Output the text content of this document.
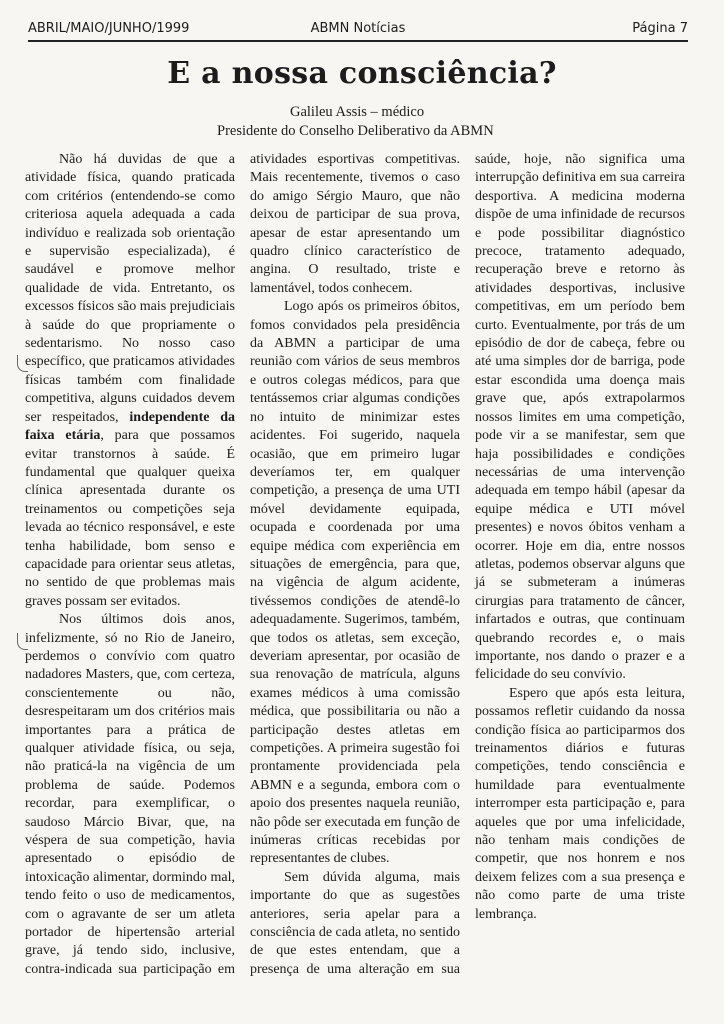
ABRIL/MAIO/JUNHO/1999	ABMN Notícias	Página 7
E a nossa consciência?
Galileu Assis – médico
Presidente do Conselho Deliberativo da ABMN

Não há duvidas de que a atividade física, quando praticada com critérios (entendendo-se como criteriosa aquela adequada a cada indivíduo e realizada sob orientação e supervisão especializada), é saudável e promove melhor qualidade de vida. Entretanto, os excessos físicos são mais prejudiciais à saúde do que propriamente o sedentarismo. No nosso caso específico, que praticamos atividades físicas também com finalidade competitiva, alguns cuidados devem ser respeitados, independente da faixa etária, para que possamos evitar transtornos à saúde. É fundamental que qualquer queixa clínica apresentada durante os treinamentos ou competições seja levada ao técnico responsável, e este tenha habilidade, bom senso e capacidade para orientar seus atletas, no sentido de que problemas mais graves possam ser evitados.

Nos últimos dois anos, infelizmente, só no Rio de Janeiro, perdemos o convívio com quatro nadadores Masters, que, com certeza, conscientemente ou não, desrespeitaram um dos critérios mais importantes para a prática de qualquer atividade física, ou seja, não praticá-la na vigência de um problema de saúde. Podemos recordar, para exemplificar, o saudoso Márcio Bivar, que, na véspera de sua competição, havia apresentado o episódio de intoxicação alimentar, dormindo mal, tendo feito o uso de medicamentos, com o agravante de ser um atleta portador de hipertensão arterial grave, já tendo sido, inclusive, contra-indicada sua participação em

atividades esportivas competitivas. Mais recentemente, tivemos o caso do amigo Sérgio Mauro, que não deixou de participar de sua prova, apesar de estar apresentando um quadro clínico característico de angina. O resultado, triste e lamentável, todos conhecem.

Logo após os primeiros óbitos, fomos convidados pela presidência da ABMN a participar de uma reunião com vários de seus membros e outros colegas médicos, para que tentássemos criar algumas condições no intuito de minimizar estes acidentes. Foi sugerido, naquela ocasião, que em primeiro lugar deveríamos ter, em qualquer competição, a presença de uma UTI móvel devidamente equipada, ocupada e coordenada por uma equipe médica com experiência em situações de emergência, para que, na vigência de algum acidente, tivéssemos condições de atendê-lo adequadamente. Sugerimos, também, que todos os atletas, sem exceção, deveriam apresentar, por ocasião de sua renovação de matrícula, alguns exames médicos à uma comissão médica, que possibilitaria ou não a participação destes atletas em competições. A primeira sugestão foi prontamente providenciada pela ABMN e a segunda, embora com o apoio dos presentes naquela reunião, não pôde ser executada em função de inúmeras críticas recebidas por representantes de clubes.

Sem dúvida alguma, mais importante do que as sugestões anteriores, seria apelar para a consciência de cada atleta, no sentido de que estes entendam, que a presença de uma alteração em sua

saúde, hoje, não significa uma interrupção definitiva em sua carreira desportiva. A medicina moderna dispõe de uma infinidade de recursos e pode possibilitar diagnóstico precoce, tratamento adequado, recuperação breve e retorno às atividades desportivas, inclusive competitivas, em um período bem curto. Eventualmente, por trás de um episódio de dor de cabeça, febre ou até uma simples dor de barriga, pode estar escondida uma doença mais grave que, após extrapolarmos nossos limites em uma competição, pode vir a se manifestar, sem que haja possibilidades e condições necessárias de uma intervenção adequada em tempo hábil (apesar da equipe médica e UTI móvel presentes) e novos óbitos venham a ocorrer. Hoje em dia, entre nossos atletas, podemos observar alguns que já se submeteram a inúmeras cirurgias para tratamento de câncer, infartados e outras, que continuam quebrando recordes e, o mais importante, nos dando o prazer e a felicidade do seu convívio.

Espero que após esta leitura, possamos refletir cuidando da nossa condição física ao participarmos dos treinamentos diários e futuras competições, tendo consciência e humildade para eventualmente interromper esta participação e, para aqueles que por uma infelicidade, não tenham mais condições de competir, que nos honrem e nos deixem felizes com a sua presença e não como parte de uma triste lembrança.
